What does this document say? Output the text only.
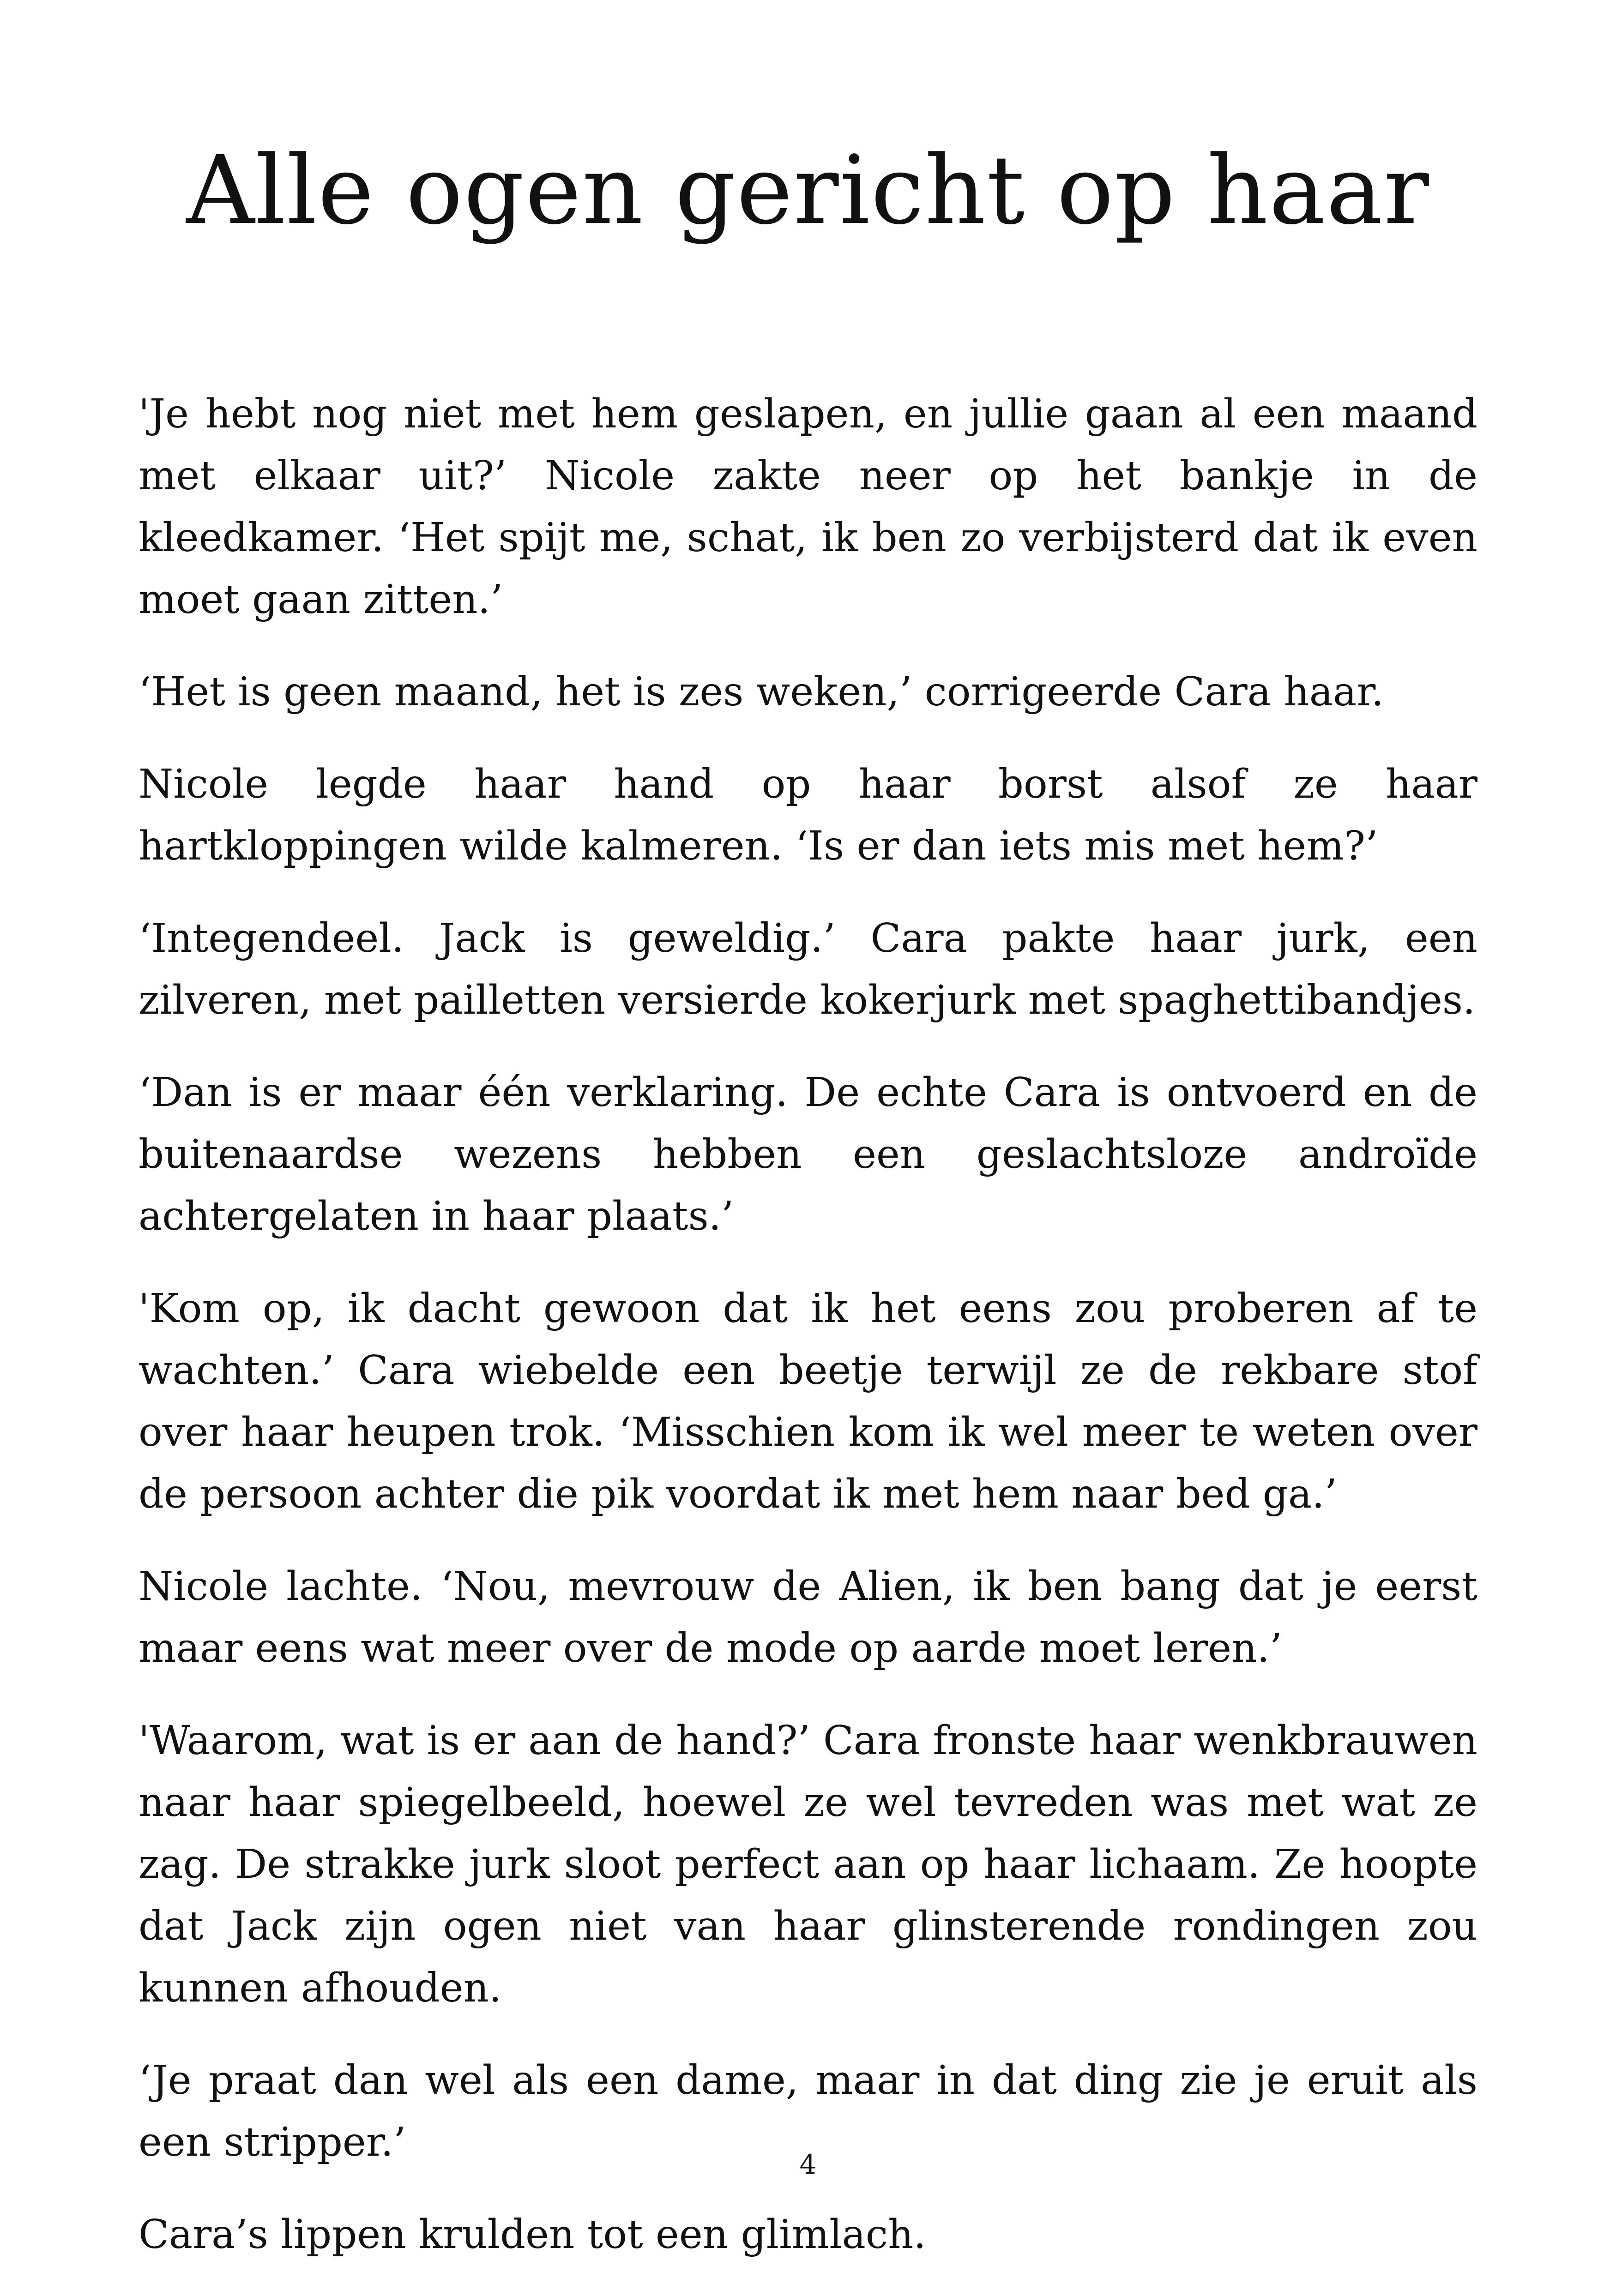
Alle ogen gericht op haar

'Je hebt nog niet met hem geslapen, en jullie gaan al een maand met elkaar uit?’ Nicole zakte neer op het bankje in de kleedkamer. ‘Het spijt me, schat, ik ben zo verbijsterd dat ik even moet gaan zitten.’

‘Het is geen maand, het is zes weken,’ corrigeerde Cara haar.

Nicole legde haar hand op haar borst alsof ze haar hartkloppingen wilde kalmeren. ‘Is er dan iets mis met hem?’

‘Integendeel. Jack is geweldig.’ Cara pakte haar jurk, een zilveren, met pailletten versierde kokerjurk met spaghettibandjes.

‘Dan is er maar één verklaring. De echte Cara is ontvoerd en de buitenaardse wezens hebben een geslachtsloze androïde achtergelaten in haar plaats.’

'Kom op, ik dacht gewoon dat ik het eens zou proberen af te wachten.’ Cara wiebelde een beetje terwijl ze de rekbare stof over haar heupen trok. ‘Misschien kom ik wel meer te weten over de persoon achter die pik voordat ik met hem naar bed ga.’

Nicole lachte. ‘Nou, mevrouw de Alien, ik ben bang dat je eerst maar eens wat meer over de mode op aarde moet leren.’

'Waarom, wat is er aan de hand?’ Cara fronste haar wenkbrauwen naar haar spiegelbeeld, hoewel ze wel tevreden was met wat ze zag. De strakke jurk sloot perfect aan op haar lichaam. Ze hoopte dat Jack zijn ogen niet van haar glinsterende rondingen zou kunnen afhouden.

‘Je praat dan wel als een dame, maar in dat ding zie je eruit als een stripper.’

Cara’s lippen krulden tot een glimlach.

4
